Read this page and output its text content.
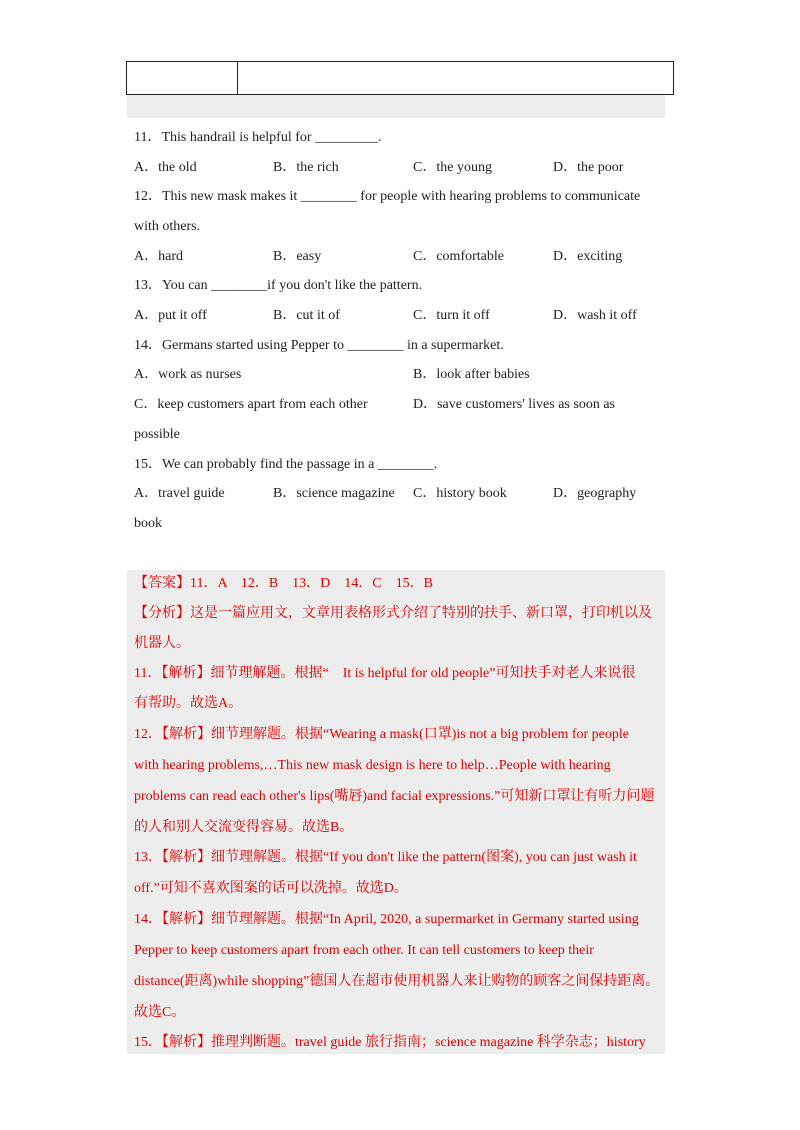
11．This handrail is helpful for _________.
A．the old	B．the rich	C．the young	D．the poor
12．This new mask makes it ________ for people with hearing problems to communicate
with others.
A．hard	B．easy	C．comfortable	D．exciting
13．You can ________if you don't like the pattern.
A．put it off	B．cut it of	C．turn it off	D．wash it off
14．Germans started using Pepper to ________ in a supermarket.
A．work as nurses	B．look after babies
C．keep customers apart from each other	D．save customers' lives as soon as
possible
15．We can probably find the passage in a ________.
A．travel guide	B．science magazine C．history book	D．geography
book
【答案】11．A　12．B　13．D　14．C　15．B
【分析】这是一篇应用文，文章用表格形式介绍了特别的扶手、新口罩，打印机以及
机器人。
11．【解析】细节理解题。根据“　It is helpful for old people”可知扶手对老人来说很
有帮助。故选A。
12．【解析】细节理解题。根据“Wearing a mask(口罩)is not a big problem for people
with hearing problems,…This new mask design is here to help…People with hearing
problems can read each other's lips(嘴唇)and facial expressions.”可知新口罩让有听力问题
的人和别人交流变得容易。故选B。
13．【解析】细节理解题。根据“If you don't like the pattern(图案), you can just wash it
off.”可知不喜欢图案的话可以洗掉。故选D。
14．【解析】细节理解题。根据“In April, 2020, a supermarket in Germany started using
Pepper to keep customers apart from each other. It can tell customers to keep their
distance(距离)while shopping”德国人在超市使用机器人来让购物的顾客之间保持距离。
故选C。
15．【解析】推理判断题。travel guide 旅行指南；science magazine 科学杂志；history
